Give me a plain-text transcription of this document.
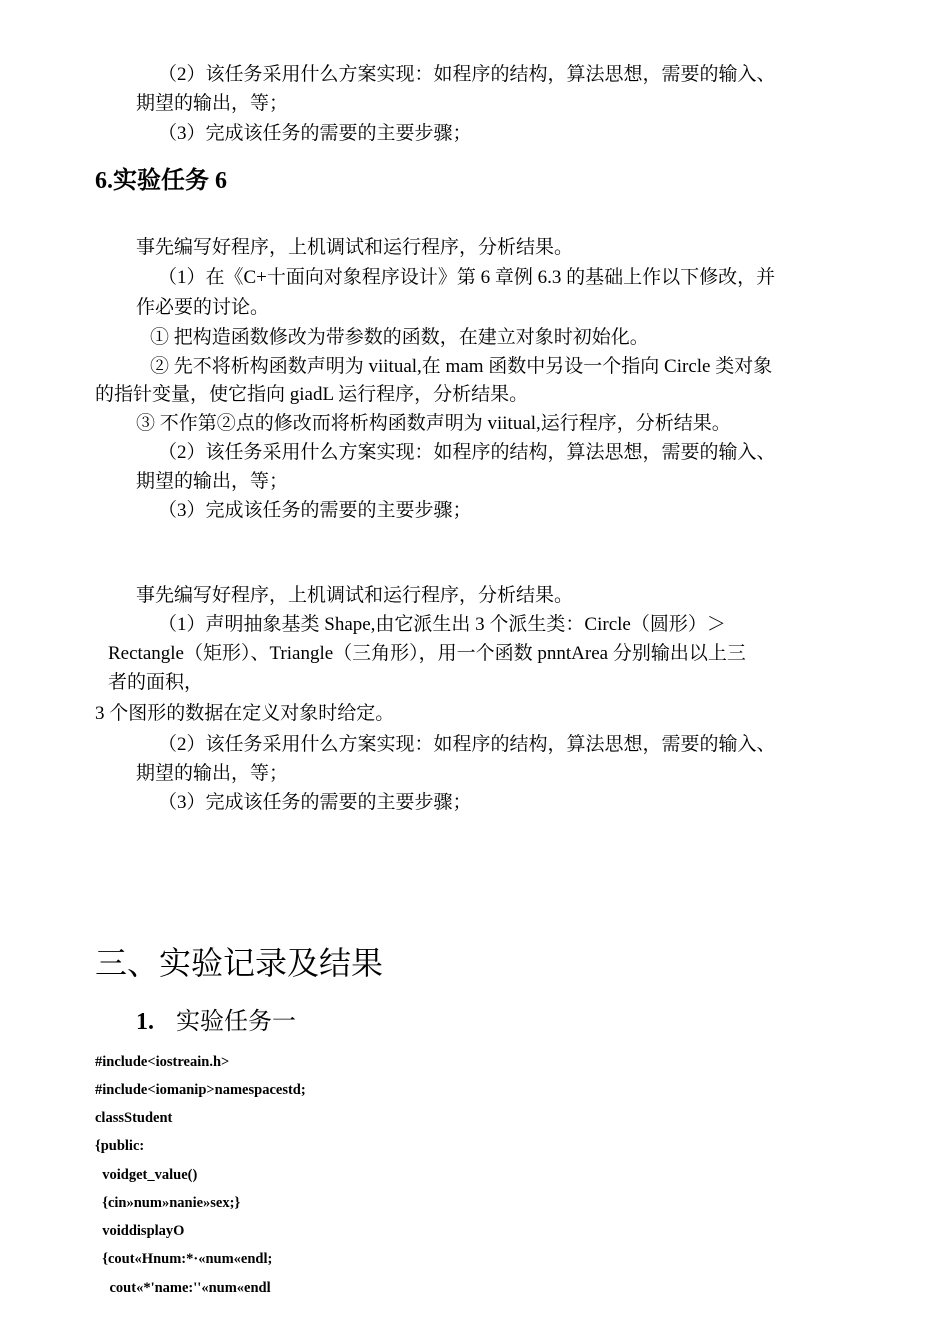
（2）该任务采用什么方案实现：如程序的结构，算法思想，需要的输入、
期望的输出，等；
（3）完成该任务的需要的主要步骤；
6.实验任务 6
事先编写好程序，上机调试和运行程序，分析结果。
（1）在《C+十面向对象程序设计》第 6 章例 6.3 的基础上作以下修改，并
作必要的讨论。
① 把构造函数修改为带参数的函数，在建立对象时初始化。
② 先不将析构函数声明为 viitual,在 mam 函数中另设一个指向 Circle 类对象
的指针变量，使它指向 giadL 运行程序，分析结果。
③ 不作第②点的修改而将析构函数声明为 viitual,运行程序，分析结果。
（2）该任务采用什么方案实现：如程序的结构，算法思想，需要的输入、
期望的输出，等；
（3）完成该任务的需要的主要步骤；
事先编写好程序，上机调试和运行程序，分析结果。
（1）声明抽象基类 Shape,由它派生出 3 个派生类：Circle（圆形）＞
Rectangle（矩形）、Triangle（三角形），用一个函数 pnntArea 分别输出以上三
者的面积，
3 个图形的数据在定义对象时给定。
（2）该任务采用什么方案实现：如程序的结构，算法思想，需要的输入、
期望的输出，等；
（3）完成该任务的需要的主要步骤；
三、实验记录及结果
1. 实验任务一
#include<iostreain.h>
#include<iomanip>namespacestd;
classStudent
{public:
voidget_value()
{cin»num»nanie»sex;}
voiddisplayO
{cout«Hnum:*·«num«endl;
cout«*'name:''«num«endl
